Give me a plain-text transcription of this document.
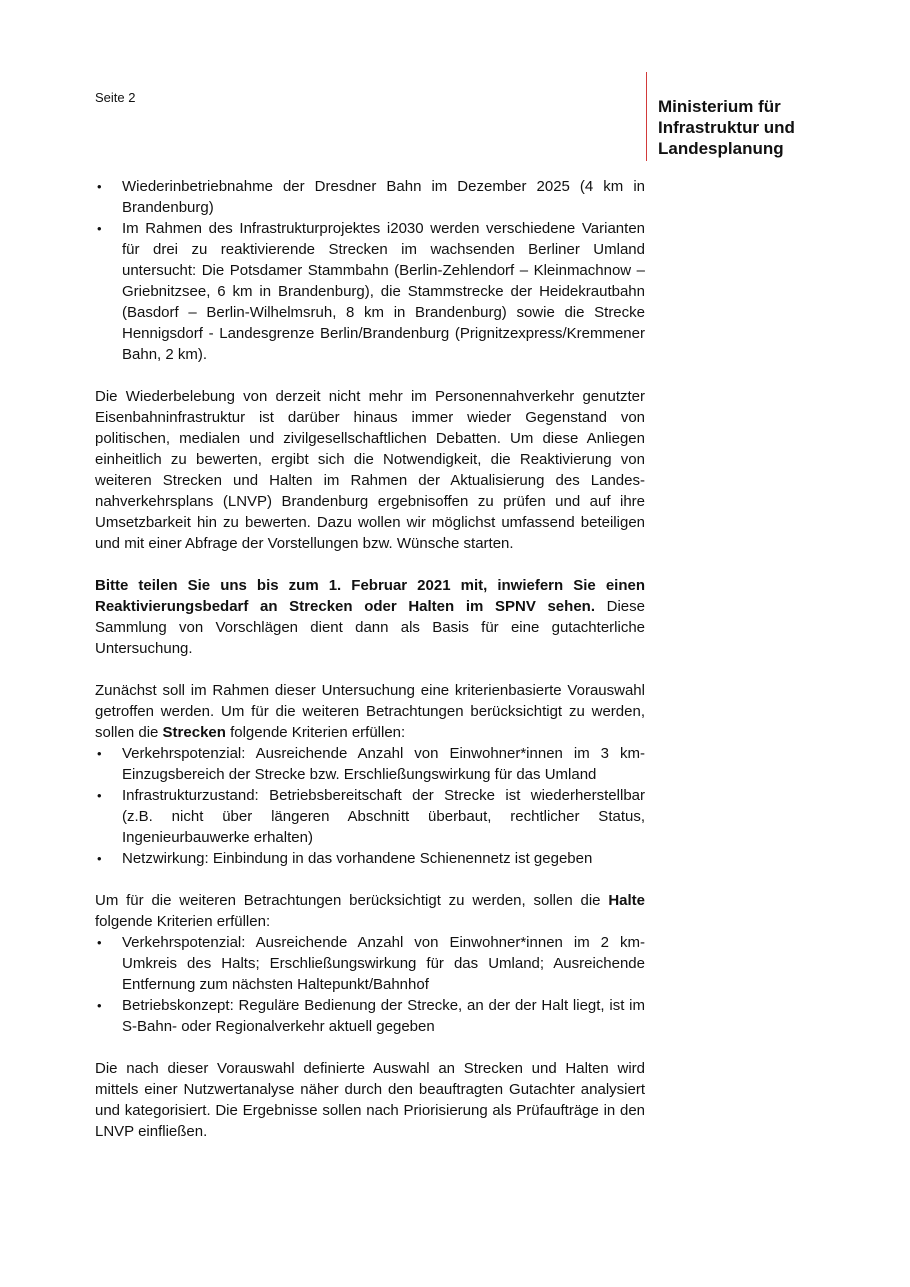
Seite 2	Ministerium für
Infrastruktur und
Landesplanung
• Wiederinbetriebnahme der Dresdner Bahn im Dezember 2025 (4 km in Brandenburg)
• Im Rahmen des Infrastrukturprojektes i2030 werden verschiedene Varianten für drei zu reaktivierende Strecken im wachsenden Berliner Umland untersucht: Die Potsdamer Stammbahn (Berlin-Zehlendorf – Kleinmachnow – Griebnitzsee, 6 km in Brandenburg), die Stammstrecke der Heidekrautbahn (Basdorf – Berlin-Wilhelmsruh, 8 km in Brandenburg) sowie die Strecke Hennigsdorf - Landesgrenze Berlin/Brandenburg (Prignitzexpress/Kremmener Bahn, 2 km).

Die Wiederbelebung von derzeit nicht mehr im Personennahverkehr genutzter Eisenbahninfrastruktur ist darüber hinaus immer wieder Gegenstand von politischen, medialen und zivilgesellschaftlichen Debatten. Um diese Anliegen einheitlich zu bewerten, ergibt sich die Notwendigkeit, die Reaktivierung von weiteren Strecken und Halten im Rahmen der Aktualisierung des Landes-nahverkehrsplans (LNVP) Brandenburg ergebnisoffen zu prüfen und auf ihre Umsetzbarkeit hin zu bewerten. Dazu wollen wir möglichst umfassend beteiligen und mit einer Abfrage der Vorstellungen bzw. Wünsche starten.

Bitte teilen Sie uns bis zum 1. Februar 2021 mit, inwiefern Sie einen Reaktivierungsbedarf an Strecken oder Halten im SPNV sehen. Diese Sammlung von Vorschlägen dient dann als Basis für eine gutachterliche Untersuchung.

Zunächst soll im Rahmen dieser Untersuchung eine kriterienbasierte Vorauswahl getroffen werden. Um für die weiteren Betrachtungen berücksichtigt zu werden, sollen die Strecken folgende Kriterien erfüllen:

• Verkehrspotenzial: Ausreichende Anzahl von Einwohner*innen im 3 km-Einzugsbereich der Strecke bzw. Erschließungswirkung für das Umland
• Infrastrukturzustand: Betriebsbereitschaft der Strecke ist wiederherstellbar (z.B. nicht über längeren Abschnitt überbaut, rechtlicher Status, Ingenieurbauwerke erhalten)
• Netzwirkung: Einbindung in das vorhandene Schienennetz ist gegeben

Um für die weiteren Betrachtungen berücksichtigt zu werden, sollen die Halte folgende Kriterien erfüllen:

• Verkehrspotenzial: Ausreichende Anzahl von Einwohner*innen im 2 km-Umkreis des Halts; Erschließungswirkung für das Umland; Ausreichende Entfernung zum nächsten Haltepunkt/Bahnhof
• Betriebskonzept: Reguläre Bedienung der Strecke, an der der Halt liegt, ist im S-Bahn- oder Regionalverkehr aktuell gegeben

Die nach dieser Vorauswahl definierte Auswahl an Strecken und Halten wird mittels einer Nutzwertanalyse näher durch den beauftragten Gutachter analysiert und kategorisiert. Die Ergebnisse sollen nach Priorisierung als Prüfaufträge in den LNVP einfließen.
